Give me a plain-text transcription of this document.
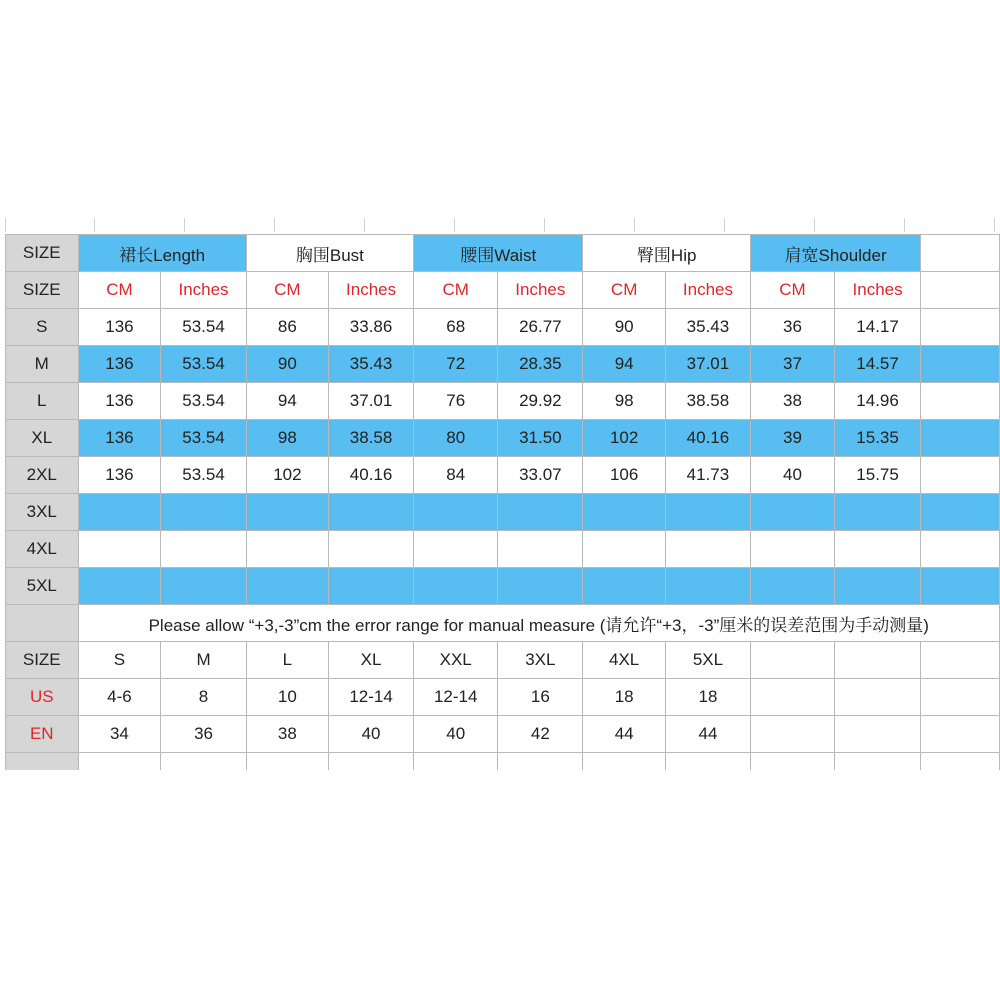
SIZE	裙长Length		胸围Bust		腰围Waist		臀围Hip		肩宽Shoulder		
SIZE	CM	Inches	CM	Inches	CM	Inches	CM	Inches	CM	Inches	
S	136	53.54	86	33.86	68	26.77	90	35.43	36	14.17	
M	136	53.54	90	35.43	72	28.35	94	37.01	37	14.57	
L	136	53.54	94	37.01	76	29.92	98	38.58	38	14.96	
XL	136	53.54	98	38.58	80	31.50	102	40.16	39	15.35	
2XL	136	53.54	102	40.16	84	33.07	106	41.73	40	15.75	
3XL											
4XL											
5XL											
	Please allow “+3,-3”cm the error range for manual measure (请允许“+3，-3”厘米的误差范围为手动测量)										
SIZE	S	M	L	XL	XXL	3XL	4XL	5XL			
US	4-6	8	10	12-14	12-14	16	18	18			
EN	34	36	38	40	40	42	44	44			
